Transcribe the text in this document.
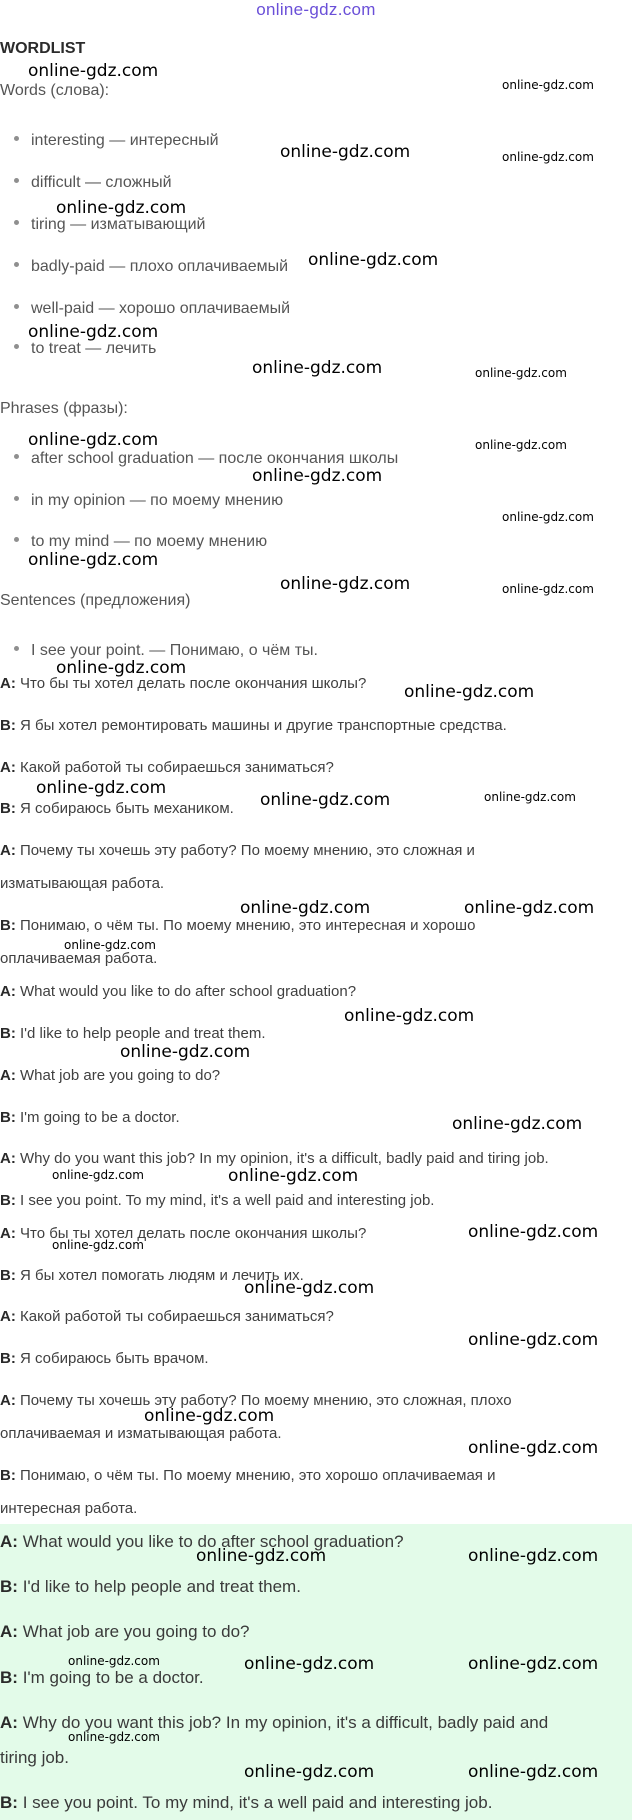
online-gdz.com
WORDLIST
Words (слова):
interesting — интересный
difficult — сложный
tiring — изматывающий
badly-paid — плохо оплачиваемый
well-paid — хорошо оплачиваемый
to treat — лечить
Phrases (фразы):
after school graduation — после окончания школы
in my opinion — по моему мнению
to my mind — по моему мнению
Sentences (предложения)
I see your point. — Понимаю, о чём ты.
A: Что бы ты хотел делать после окончания школы?
B: Я бы хотел ремонтировать машины и другие транспортные средства.
A: Какой работой ты собираешься заниматься?
B: Я собираюсь быть механиком.
A: Почему ты хочешь эту работу? По моему мнению, это сложная и
изматывающая работа.
B: Понимаю, о чём ты. По моему мнению, это интересная и хорошо
оплачиваемая работа.
A: What would you like to do after school graduation?
B: I'd like to help people and treat them.
A: What job are you going to do?
B: I'm going to be a doctor.
A: Why do you want this job? In my opinion, it's a difficult, badly paid and tiring job.
B: I see you point. To my mind, it's a well paid and interesting job.
A: Что бы ты хотел делать после окончания школы?
B: Я бы хотел помогать людям и лечить их.
A: Какой работой ты собираешься заниматься?
B: Я собираюсь быть врачом.
A: Почему ты хочешь эту работу? По моему мнению, это сложная, плохо
оплачиваемая и изматывающая работа.
B: Понимаю, о чём ты. По моему мнению, это хорошо оплачиваемая и
интересная работа.
A: What would you like to do after school graduation?
B: I'd like to help people and treat them.
A: What job are you going to do?
B: I'm going to be a doctor.
A: Why do you want this job? In my opinion, it's a difficult, badly paid and
tiring job.
B: I see you point. To my mind, it's a well paid and interesting job.
online-gdz.com
online-gdz.com
online-gdz.com	online-gdz.com
online-gdz.com
online-gdz.com
online-gdz.com
online-gdz.com	online-gdz.com
online-gdz.com	online-gdz.com
online-gdz.com
online-gdz.com
online-gdz.com
online-gdz.com	online-gdz.com
online-gdz.com
online-gdz.com
online-gdz.com
online-gdz.com	online-gdz.com
online-gdz.com	online-gdz.com
online-gdz.com
online-gdz.com
online-gdz.com
online-gdz.com
online-gdz.com
online-gdz.com
online-gdz.com
online-gdz.com
online-gdz.com
online-gdz.com
online-gdz.com
online-gdz.com
online-gdz.com	online-gdz.com
online-gdz.com	online-gdz.com	online-gdz.com
online-gdz.com
online-gdz.com	online-gdz.com
